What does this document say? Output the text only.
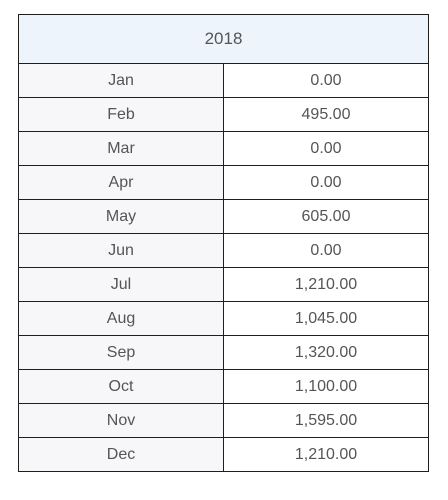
2018	
Jan	0.00
Feb	495.00
Mar	0.00
Apr	0.00
May	605.00
Jun	0.00
Jul	1,210.00
Aug	1,045.00
Sep	1,320.00
Oct	1,100.00
Nov	1,595.00
Dec	1,210.00
